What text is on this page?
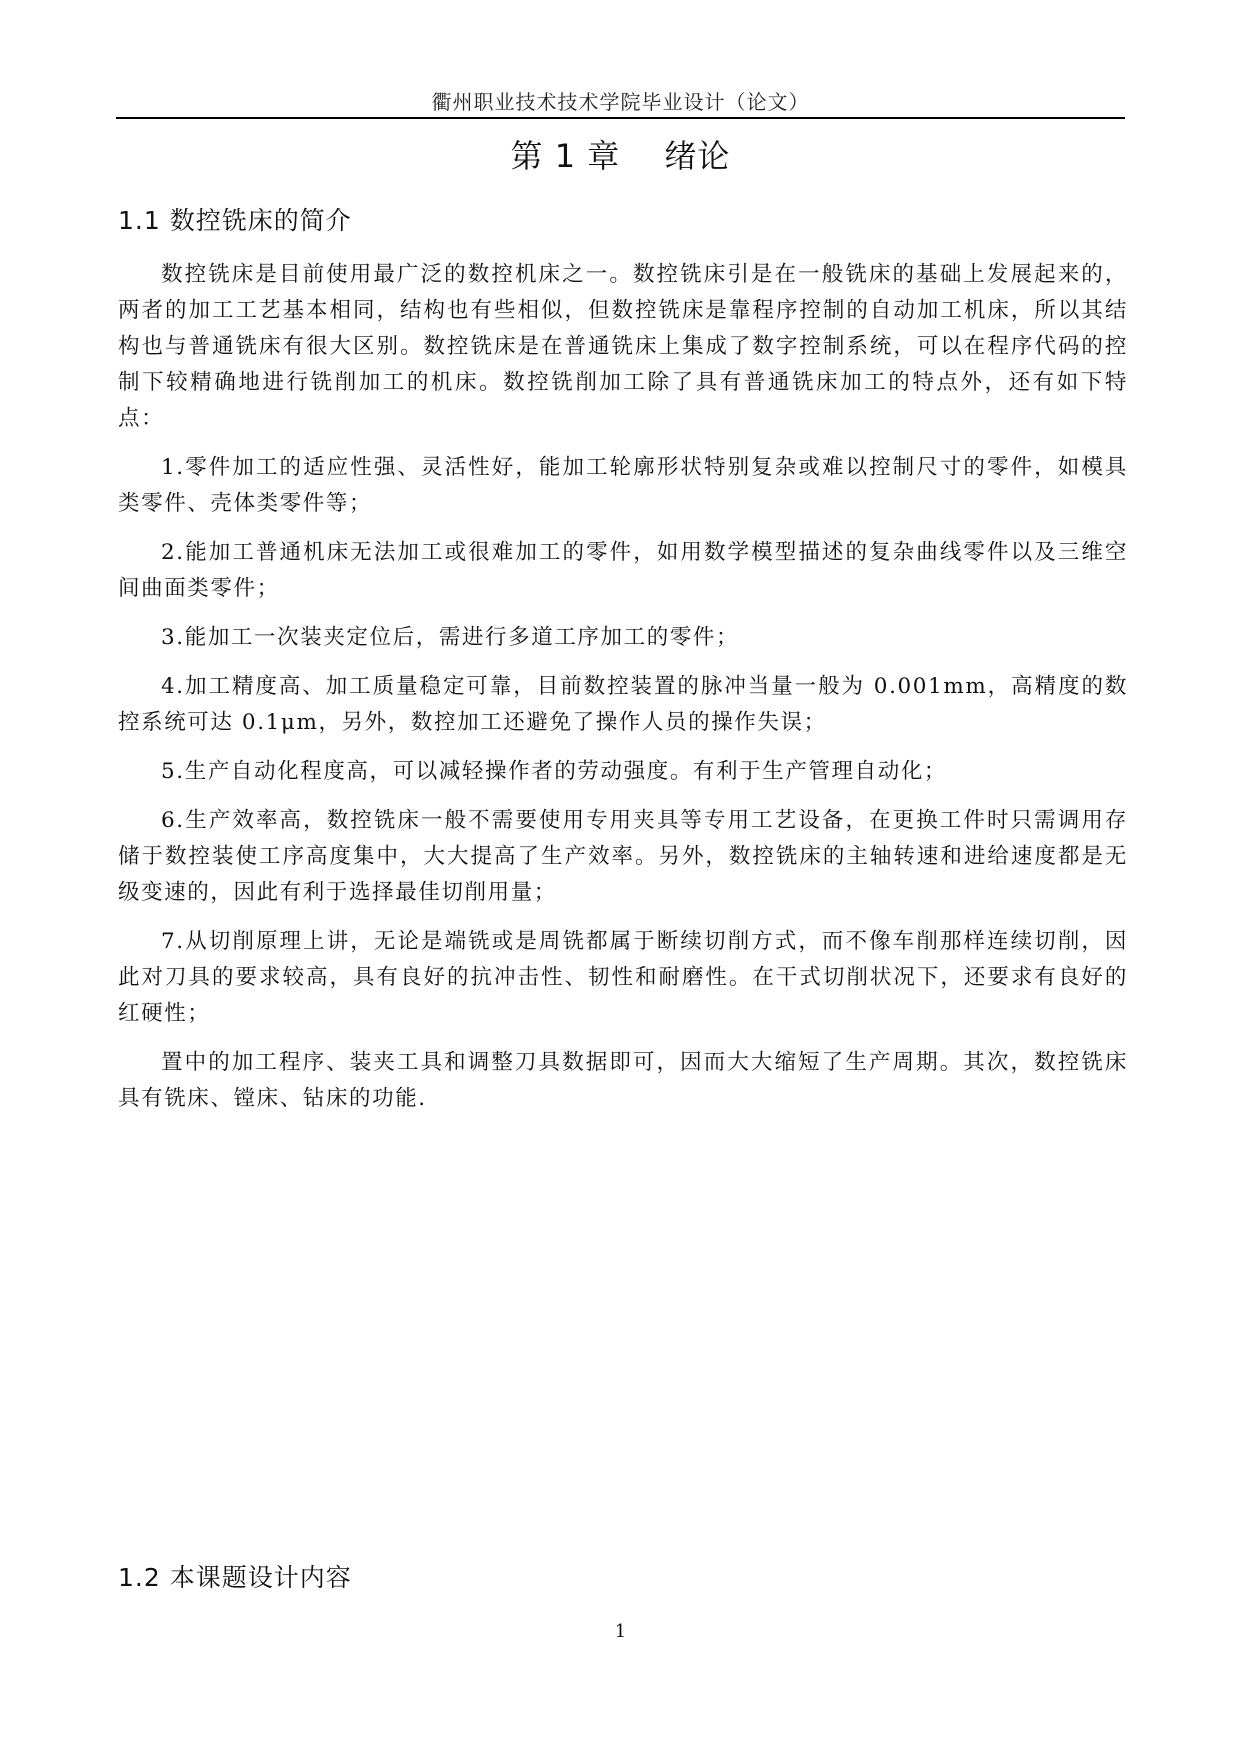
衢州职业技术技术学院毕业设计（论文）
第 1 章　 绪论
1.1 数控铣床的简介

数控铣床是目前使用最广泛的数控机床之一。数控铣床引是在一般铣床的基础上发展起来的，两者的加工工艺基本相同，结构也有些相似，但数控铣床是靠程序控制的自动加工机床，所以其结构也与普通铣床有很大区别。数控铣床是在普通铣床上集成了数字控制系统，可以在程序代码的控制下较精确地进行铣削加工的机床。数控铣削加工除了具有普通铣床加工的特点外，还有如下特点：

1.零件加工的适应性强、灵活性好，能加工轮廓形状特别复杂或难以控制尺寸的零件，如模具类零件、壳体类零件等；

2.能加工普通机床无法加工或很难加工的零件，如用数学模型描述的复杂曲线零件以及三维空间曲面类零件；

3.能加工一次装夹定位后，需进行多道工序加工的零件；

4.加工精度高、加工质量稳定可靠，目前数控装置的脉冲当量一般为 0.001mm，高精度的数控系统可达 0.1μm，另外，数控加工还避免了操作人员的操作失误；

5.生产自动化程度高，可以减轻操作者的劳动强度。有利于生产管理自动化；

6.生产效率高，数控铣床一般不需要使用专用夹具等专用工艺设备，在更换工件时只需调用存储于数控装使工序高度集中，大大提高了生产效率。另外，数控铣床的主轴转速和进给速度都是无级变速的，因此有利于选择最佳切削用量；

7.从切削原理上讲，无论是端铣或是周铣都属于断续切削方式，而不像车削那样连续切削，因此对刀具的要求较高，具有良好的抗冲击性、韧性和耐磨性。在干式切削状况下，还要求有良好的红硬性；

置中的加工程序、装夹工具和调整刀具数据即可，因而大大缩短了生产周期。其次，数控铣床具有铣床、镗床、钻床的功能.

1.2 本课题设计内容
1
